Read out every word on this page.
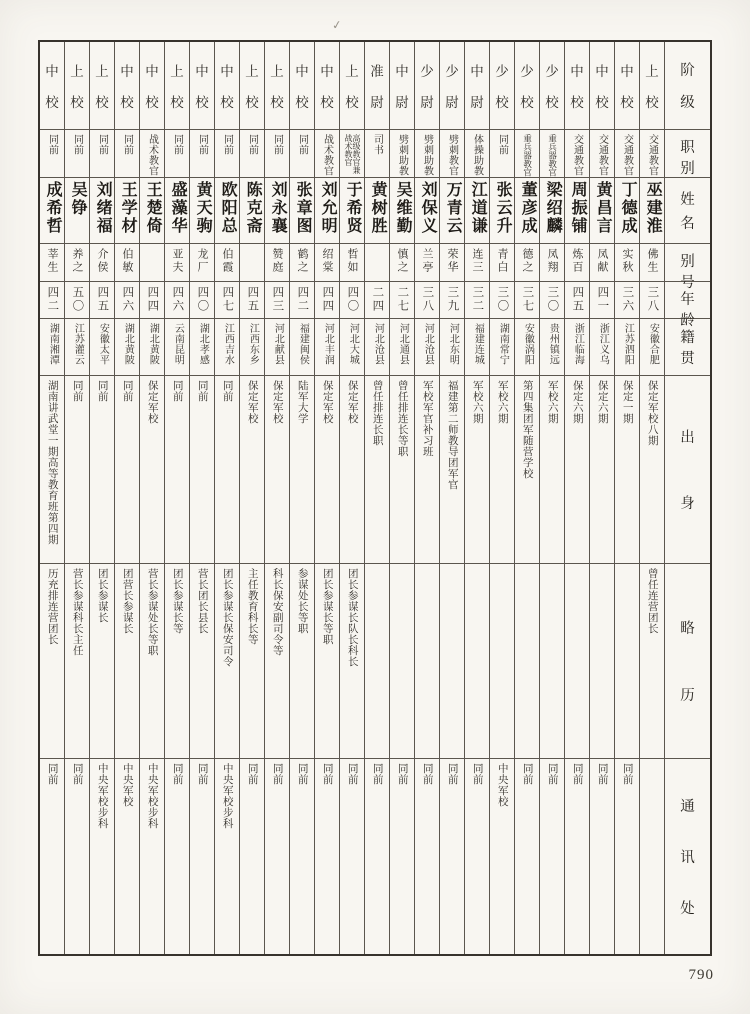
✓
阶
级
职
别
姓
名
别
号
年
龄
籍
贯
出
身
略
历
通
讯
处
上
校
交通教官
巫建淮
佛生
三八
安徽合肥
保定军校八期
曾任连营团长
中
校
交通教官
丁德成
实秋
三六
江苏泗阳
保定一期
同前
中
校
交通教官
黄昌言
凤献
四一
浙江义乌
保定六期
同前
中
校
交通教官
周振铺
炼百
四五
浙江临海
保定六期
同前
少
校
重兵器教官
梁绍麟
凤翔
三〇
贵州镇远
军校六期
同前
少
校
重兵器教官
董彦成
德之
三七
安徽涡阳
第四集团军随营学校
同前
少
校
同前
张云升
青白
三〇
湖南常宁
军校六期
中央军校
中
尉
体操助教
江道谦
连三
三二
福建连城
军校六期
同前
少
尉
劈刺教官
万青云
荣华
三九
河北东明
福建第二师教导团军官
同前
少
尉
劈刺助教
刘保义
兰亭
三八
河北沧县
军校军官补习班
同前
中
尉
劈刺助教
吴维勤
慎之
二七
河北通县
曾任排连长等职
同前
准
尉
司书
黄树胜
二四
河北沧县
曾任排连长职
同前
上
校
高级教官兼战术教官
于希贤
哲如
四〇
河北大城
保定军校
团长参谋长队长科长
同前
中
校
战术教官
刘允明
绍棠
四四
河北丰润
保定军校
团长参谋长等职
同前
中
校
同前
张章图
鹤之
四二
福建闽侯
陆军大学
参谋处长等职
同前
上
校
同前
刘永襄
赞庭
四三
河北献县
保定军校
科长保安副司令等
同前
上
校
同前
陈克斋
四五
江西东乡
保定军校
主任教育科长等
同前
中
校
同前
欧阳总
伯霞
四七
江西吉水
同前
团长参谋长保安司令
中央军校步科
中
校
同前
黄天驹
龙厂
四〇
湖北孝感
同前
营长团长县长
同前
上
校
同前
盛藻华
亚夫
四六
云南昆明
同前
团长参谋长等
同前
中
校
战术教官
王楚倚
四四
湖北黄陂
保定军校
营长参谋处长等职
中央军校步科
中
校
同前
王学材
伯敏
四六
湖北黄陂
同前
团营长参谋长
中央军校
上
校
同前
刘绪福
介侯
四五
安徽太平
同前
团长参谋长
中央军校步科
上
校
同前
吴铮
养之
五〇
江苏灌云
同前
营长参谋科长主任
同前
中
校
同前
成希哲
莘生
四二
湖南湘潭
湖南讲武堂一期高等教育班第四期
历充排连营团长
同前
790
